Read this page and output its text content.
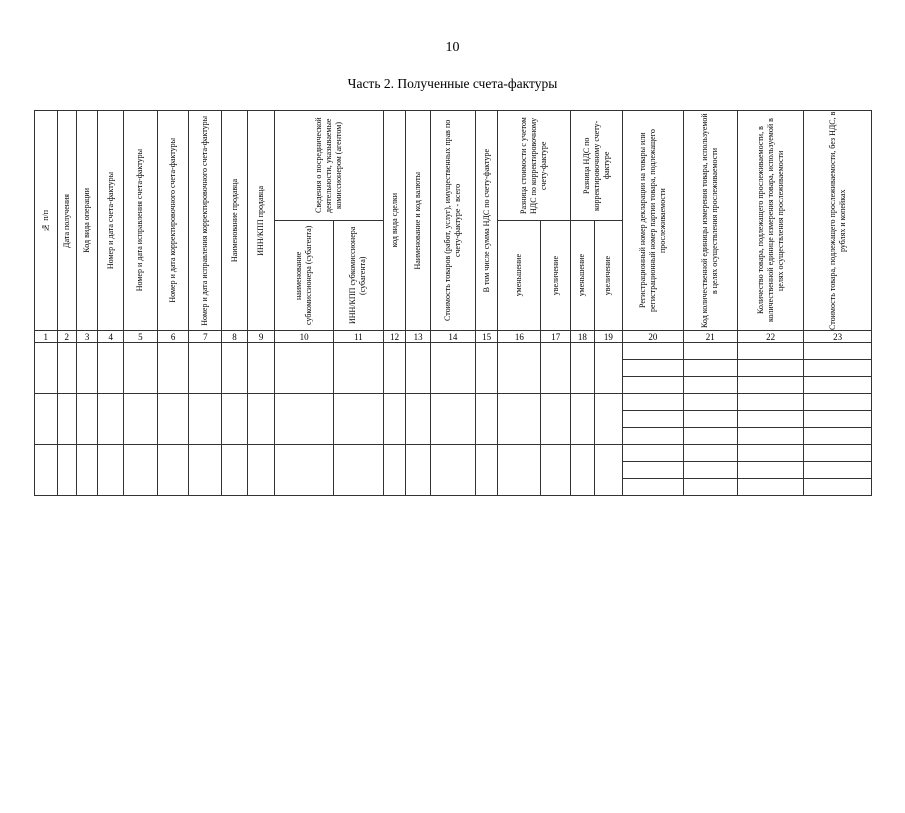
10
Часть 2. Полученные счета-фактуры
№ п/п	Дата получения	Код вида операции	Номер и дата счета-фактуры	Номер и дата исправления счета-фактуры	Номер и дата корректировочного счета-фактуры	Номер и дата исправления корректировочного счета-фактуры	Наименование продавца	ИНН/КПП продавца	Сведения о посреднической деятельности, указываемые комиссионером (агентом)		код вида сделки	Наименование и код валюты	Стоимость товаров (работ, услуг), имущественных прав по счету-фактуре - всего	В том числе сумма НДС по счету-фактуре	Разница стоимости с учетом НДС по корректировочному счету-фактуре		Разница НДС по корректировочному счету-фактуре		Регистрационный номер декларации на товары или регистрационный номер партии товара, подлежащего прослеживаемости	Код количественной единицы измерения товара, используемой в целях осуществления прослеживаемости	Количество товара, подлежащего прослеживаемости, в количественной единице измерения товара, используемой в целях осуществления прослеживаемости	Стоимость товара, подлежащего прослеживаемости, без НДС, в рублях и копейках

									наименование субкомиссионера (субагента)	ИНН/КПП субкомиссионера (субагента)					уменьшение	увеличение	уменьшение	увеличение				

1	2	3	4	5	6	7	8	9	10	11	12	13	14	15	16	17	18	19	20	21	22	23
